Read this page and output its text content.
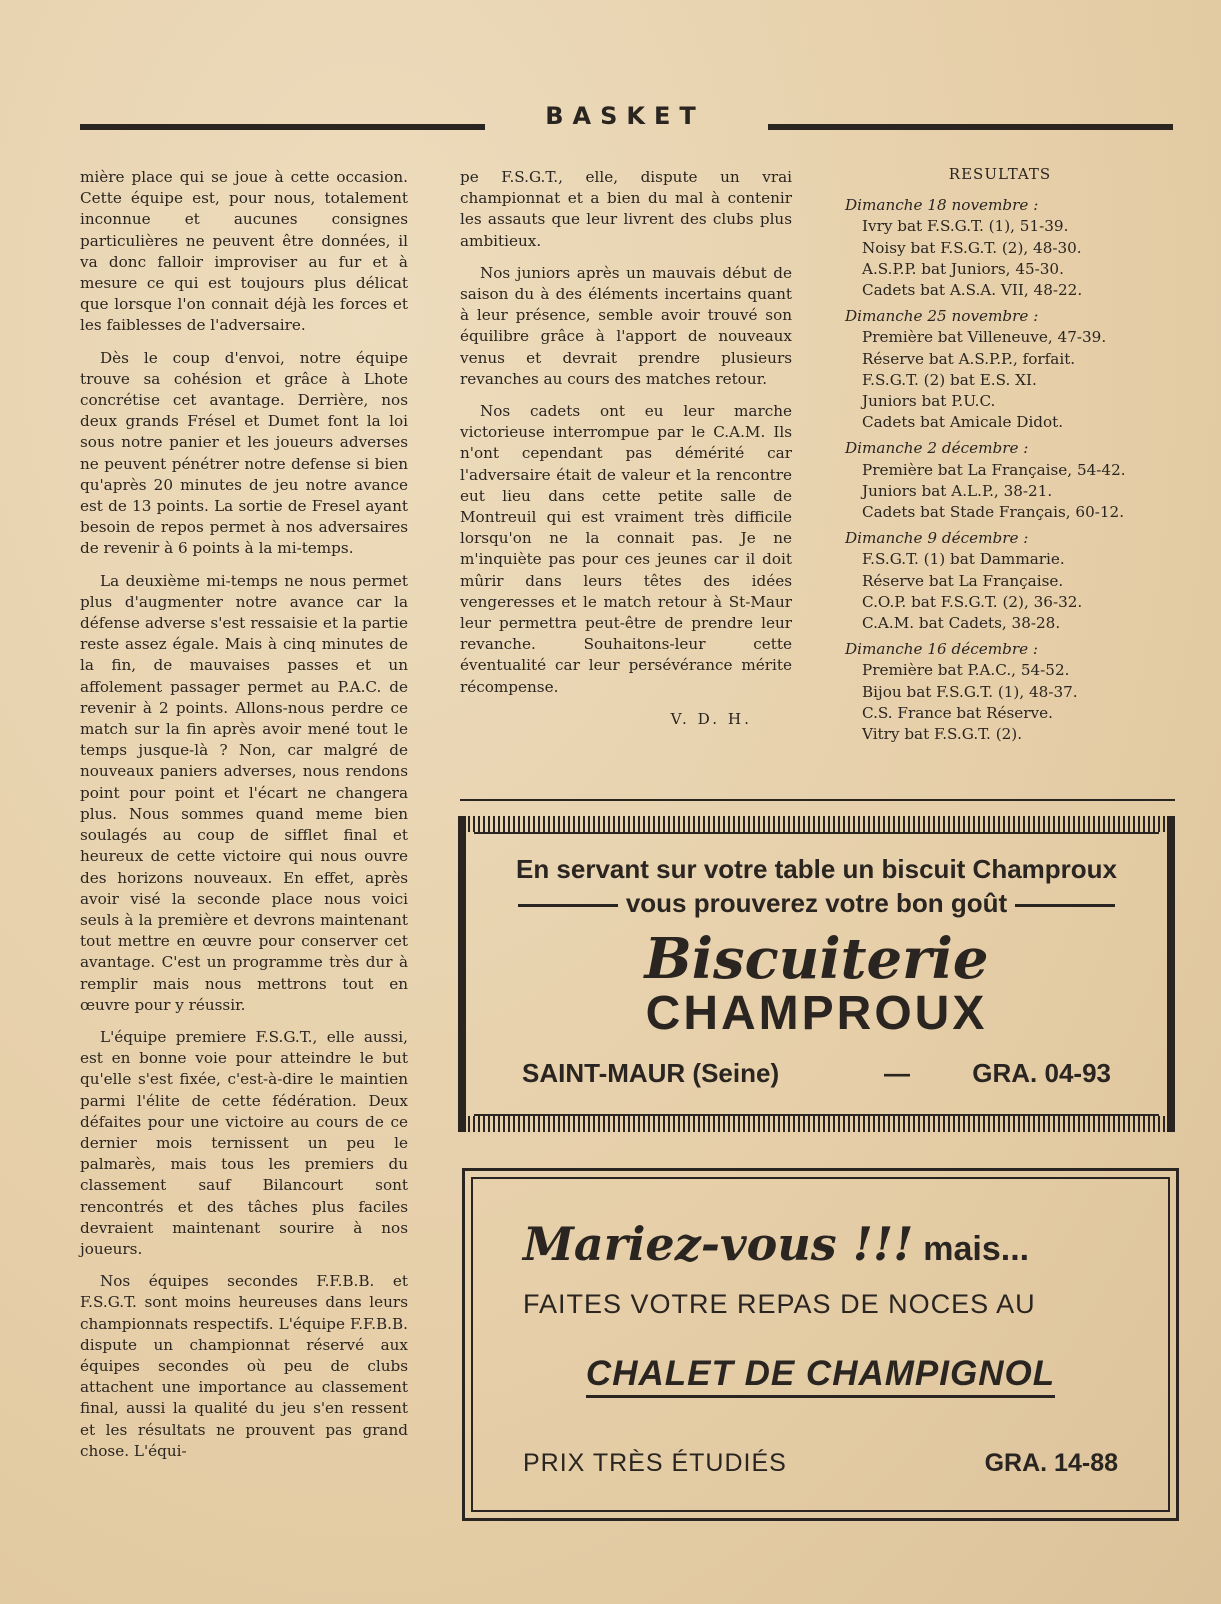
BASKET

mière place qui se joue à cette occasion. Cette équipe est, pour nous, totalement inconnue et aucunes consignes particulières ne peuvent être données, il va donc falloir improviser au fur et à mesure ce qui est toujours plus délicat que lorsque l'on connait déjà les forces et les faiblesses de l'adversaire.

Dès le coup d'envoi, notre équipe trouve sa cohésion et grâce à Lhote concrétise cet avantage. Derrière, nos deux grands Frésel et Dumet font la loi sous notre panier et les joueurs adverses ne peuvent pénétrer notre defense si bien qu'après 20 minutes de jeu notre avance est de 13 points. La sortie de Fresel ayant besoin de repos permet à nos adversaires de revenir à 6 points à la mi-temps.

La deuxième mi-temps ne nous permet plus d'augmenter notre avance car la défense adverse s'est ressaisie et la partie reste assez égale. Mais à cinq minutes de la fin, de mauvaises passes et un affolement passager permet au P.A.C. de revenir à 2 points. Allons-nous perdre ce match sur la fin après avoir mené tout le temps jusque-là ? Non, car malgré de nouveaux paniers adverses, nous rendons point pour point et l'écart ne changera plus. Nous sommes quand meme bien soulagés au coup de sifflet final et heureux de cette victoire qui nous ouvre des horizons nouveaux. En effet, après avoir visé la seconde place nous voici seuls à la première et devrons maintenant tout mettre en œuvre pour conserver cet avantage. C'est un programme très dur à remplir mais nous mettrons tout en œuvre pour y réussir.

L'équipe premiere F.S.G.T., elle aussi, est en bonne voie pour atteindre le but qu'elle s'est fixée, c'est-à-dire le maintien parmi l'élite de cette fédération. Deux défaites pour une victoire au cours de ce dernier mois ternissent un peu le palmarès, mais tous les premiers du classement sauf Bilancourt sont rencontrés et des tâches plus faciles devraient maintenant sourire à nos joueurs.

Nos équipes secondes F.F.B.B. et F.S.G.T. sont moins heureuses dans leurs championnats respectifs. L'équipe F.F.B.B. dispute un championnat réservé aux équipes secondes où peu de clubs attachent une importance au classement final, aussi la qualité du jeu s'en ressent et les résultats ne prouvent pas grand chose. L'équi-

pe F.S.G.T., elle, dispute un vrai championnat et a bien du mal à contenir les assauts que leur livrent des clubs plus ambitieux.

Nos juniors après un mauvais début de saison du à des éléments incertains quant à leur présence, semble avoir trouvé son équilibre grâce à l'apport de nouveaux venus et devrait prendre plusieurs revanches au cours des matches retour.

Nos cadets ont eu leur marche victorieuse interrompue par le C.A.M. Ils n'ont cependant pas démérité car l'adversaire était de valeur et la rencontre eut lieu dans cette petite salle de Montreuil qui est vraiment très difficile lorsqu'on ne la connait pas. Je ne m'inquiète pas pour ces jeunes car il doit mûrir dans leurs têtes des idées vengeresses et le match retour à St-Maur leur permettra peut-être de prendre leur revanche. Souhaitons-leur cette éventualité car leur persévérance mérite récompense.

V. D. H.
RESULTATS
Dimanche 18 novembre :
Ivry bat F.S.G.T. (1), 51-39.
Noisy bat F.S.G.T. (2), 48-30.
A.S.P.P. bat Juniors, 45-30.
Cadets bat A.S.A. VII, 48-22.
Dimanche 25 novembre :
Première bat Villeneuve, 47-39.
Réserve bat A.S.P.P., forfait.
F.S.G.T. (2) bat E.S. XI.
Juniors bat P.U.C.
Cadets bat Amicale Didot.
Dimanche 2 décembre :
Première bat La Française, 54-42.
Juniors bat A.L.P., 38-21.
Cadets bat Stade Français, 60-12.
Dimanche 9 décembre :
F.S.G.T. (1) bat Dammarie.
Réserve bat La Française.
C.O.P. bat F.S.G.T. (2), 36-32.
C.A.M. bat Cadets, 38-28.
Dimanche 16 décembre :
Première bat P.A.C., 54-52.
Bijou bat F.S.G.T. (1), 48-37.
C.S. France bat Réserve.
Vitry bat F.S.G.T. (2).
En servant sur votre table un biscuit Champroux
vous prouverez votre bon goût
Biscuiterie
CHAMPROUX
SAINT-MAUR (Seine)	— GRA. 04-93
Mariez-vous !!! mais...
FAITES VOTRE REPAS DE NOCES AU
CHALET DE CHAMPIGNOL
PRIX TRÈS ÉTUDIÉS	GRA. 14-88
